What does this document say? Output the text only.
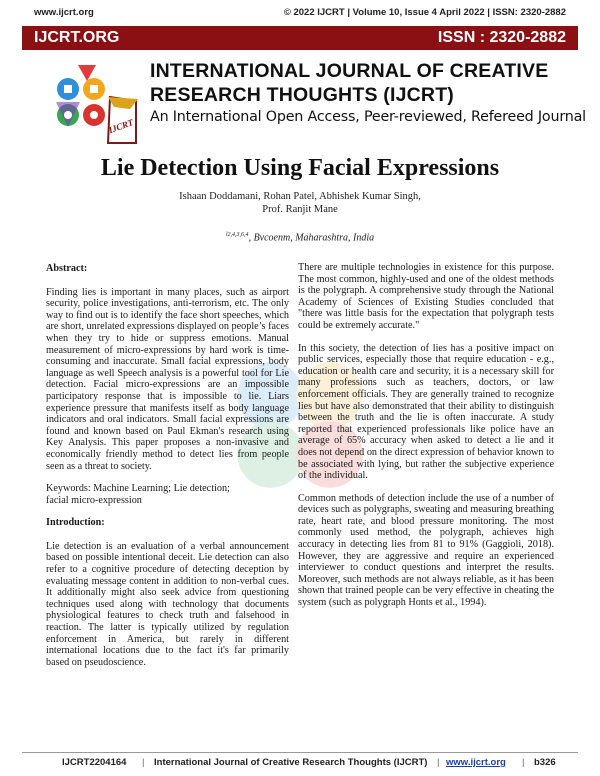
www.ijcrt.org	© 2022 IJCRT | Volume 10, Issue 4 April 2022 | ISSN: 2320-2882
IJCRT.ORG	ISSN : 2320-2882
IJCRT
INTERNATIONAL JOURNAL OF CREATIVE
RESEARCH THOUGHTS (IJCRT)
An International Open Access, Peer-reviewed, Refereed Journal
Lie Detection Using Facial Expressions
Ishaan Doddamani, Rohan Patel, Abhishek Kumar Singh,
Prof. Ranjit Mane
$^{l2,4,3,6,4}$, Bvcoenm, Maharashtra, India
Abstract:

Finding lies is important in many places, such as airport security, police investigations, anti-terrorism, etc. The only way to find out is to identify the face short speeches, which are short, unrelated expressions displayed on people’s faces when they try to hide or suppress emotions. Manual measurement of micro-expressions by hard work is time-consuming and inaccurate. Small facial expressions, body language as well Speech analysis is a powerful tool for Lie detection. Facial micro-expressions are an impossible participatory response that is impossible to lie. Liars experience pressure that manifests itself as body language indicators and oral indicators. Small facial expressions are found and known based on Paul Ekman's research using Key Analysis. This paper proposes a non-invasive and economically friendly method to detect lies from people seen as a threat to society.

Keywords: Machine Learning; Lie detection;
facial micro-expression

Introduction:

Lie detection is an evaluation of a verbal announcement based on possible intentional deceit. Lie detection can also refer to a cognitive procedure of detecting deception by evaluating message content in addition to non-verbal cues. It additionally might also seek advice from questioning techniques used along with technology that documents physiological features to check truth and falsehood in reaction. The latter is typically utilized by regulation enforcement in America, but rarely in different international locations due to the fact it's far primarily based on pseudoscience.

There are multiple technologies in existence for this purpose. The most common, highly-used and one of the oldest methods is the polygraph. A comprehensive study through the National Academy of Sciences of Existing Studies concluded that "there was little basis for the expectation that polygraph tests could be extremely accurate."

In this society, the detection of lies has a positive impact on public services, especially those that require education - e.g., education or health care and security, it is a necessary skill for many professions such as teachers, doctors, or law enforcement officials. They are generally trained to recognize lies but have also demonstrated that their ability to distinguish between the truth and the lie is often inaccurate. A study reported that experienced professionals like police have an average of 65% accuracy when asked to detect a lie and it does not depend on the direct expression of behavior known to be associated with lying, but rather the subjective experience of the individual.

Common methods of detection include the use of a number of devices such as polygraphs, sweating and measuring breathing rate, heart rate, and blood pressure monitoring. The most commonly used method, the polygraph, achieves high accuracy in detecting lies from 81 to 91% (Gaggioli, 2018). However, they are aggressive and require an experienced interviewer to conduct questions and interpret the results. Moreover, such methods are not always reliable, as it has been shown that trained people can be very effective in cheating the system (such as polygraph Honts et al., 1994).

IJCRT2204164 | International Journal of Creative Research Thoughts (IJCRT) | www.ijcrt.org | b326
